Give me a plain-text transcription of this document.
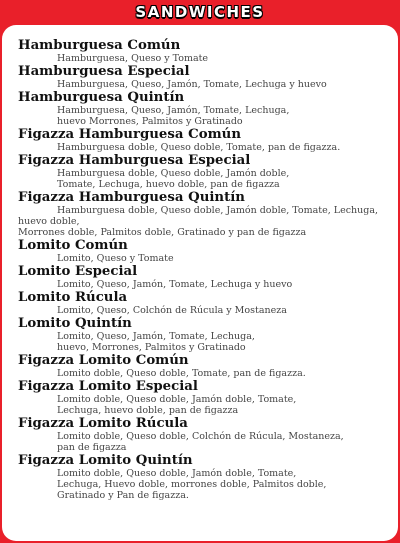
SANDWICHES
Hamburguesa Común
Hamburguesa, Queso y Tomate
Hamburguesa Especial
Hamburguesa, Queso, Jamón, Tomate, Lechuga y huevo
Hamburguesa Quintín
Hamburguesa, Queso, Jamón, Tomate, Lechuga,
huevo Morrones, Palmitos y Gratinado
Figazza Hamburguesa Común
Hamburguesa doble, Queso doble, Tomate, pan de figazza.
Figazza Hamburguesa Especial
Hamburguesa doble, Queso doble, Jamón doble,
Tomate, Lechuga, huevo doble, pan de figazza
Figazza Hamburguesa Quintín
Hamburguesa doble, Queso doble, Jamón doble, Tomate, Lechuga, huevo doble,
Morrones doble, Palmitos doble, Gratinado y pan de figazza
Lomito Común
Lomito, Queso y Tomate
Lomito Especial
Lomito, Queso, Jamón, Tomate, Lechuga y huevo
Lomito Rúcula
Lomito, Queso, Colchón de Rúcula y Mostaneza
Lomito Quintín
Lomito, Queso, Jamón, Tomate, Lechuga,
huevo, Morrones, Palmitos y Gratinado
Figazza Lomito Común
Lomito doble, Queso doble, Tomate, pan de figazza.
Figazza Lomito Especial
Lomito doble, Queso doble, Jamón doble, Tomate,
Lechuga, huevo doble, pan de figazza
Figazza Lomito Rúcula
Lomito doble, Queso doble, Colchón de Rúcula, Mostaneza,
pan de figazza
Figazza Lomito Quintín
Lomito doble, Queso doble, Jamón doble, Tomate,
Lechuga, Huevo doble, morrones doble, Palmitos doble,
Gratinado y Pan de figazza.
